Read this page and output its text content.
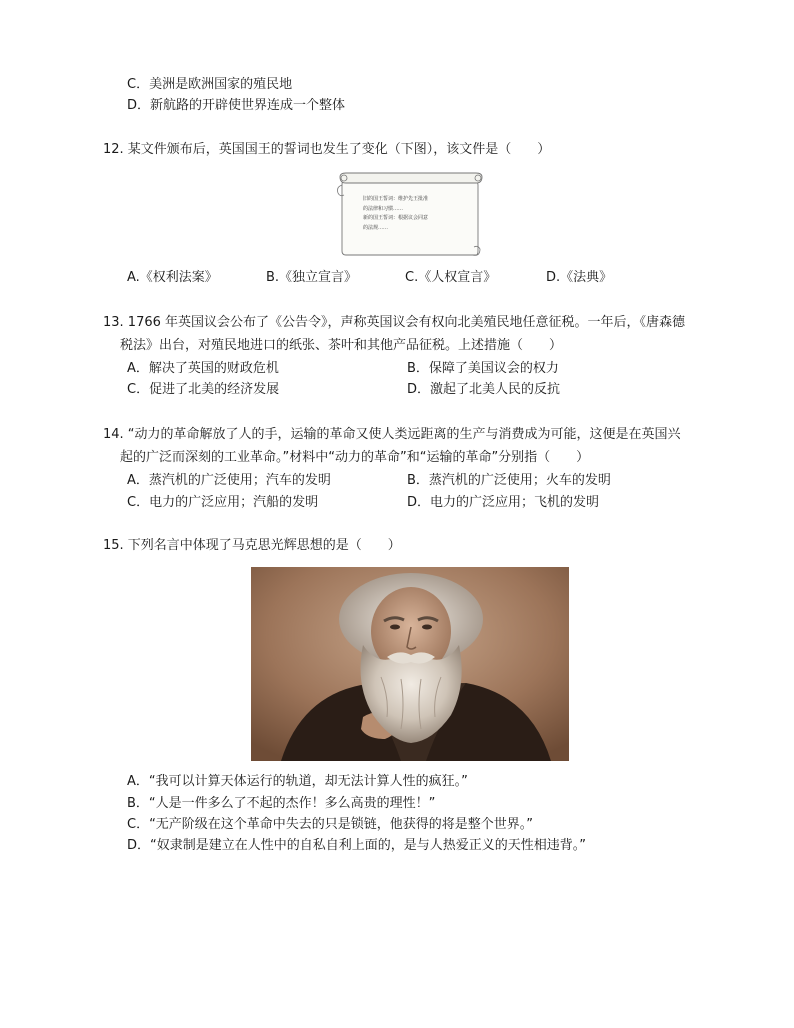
C．美洲是欧洲国家的殖民地
D．新航路的开辟使世界连成一个整体
12. 某文件颁布后，英国国王的誓词也发生了变化（下图），该文件是（　　）
旧的国王誓词：维护先王批准
的法律和习惯……
新的国王誓词：根据议会同意
的法规……
A.《权利法案》	B.《独立宣言》	C.《人权宣言》	D.《法典》
13. 1766 年英国议会公布了《公告令》，声称英国议会有权向北美殖民地任意征税。一年后，《唐森德
税法》出台，对殖民地进口的纸张、茶叶和其他产品征税。上述措施（　　）
A．解决了英国的财政危机	B．保障了美国议会的权力
C．促进了北美的经济发展	D．激起了北美人民的反抗
14. “动力的革命解放了人的手，运输的革命又使人类远距离的生产与消费成为可能，这便是在英国兴
起的广泛而深刻的工业革命。”材料中“动力的革命”和“运输的革命”分别指（　　）
A．蒸汽机的广泛使用；汽车的发明	B．蒸汽机的广泛使用；火车的发明
C．电力的广泛应用；汽船的发明	D．电力的广泛应用；飞机的发明
15. 下列名言中体现了马克思光辉思想的是（　　）
A．“我可以计算天体运行的轨道，却无法计算人性的疯狂。”
B．“人是一件多么了不起的杰作！多么高贵的理性！”
C．“无产阶级在这个革命中失去的只是锁链，他获得的将是整个世界。”
D．“奴隶制是建立在人性中的自私自利上面的，是与人热爱正义的天性相违背。”
